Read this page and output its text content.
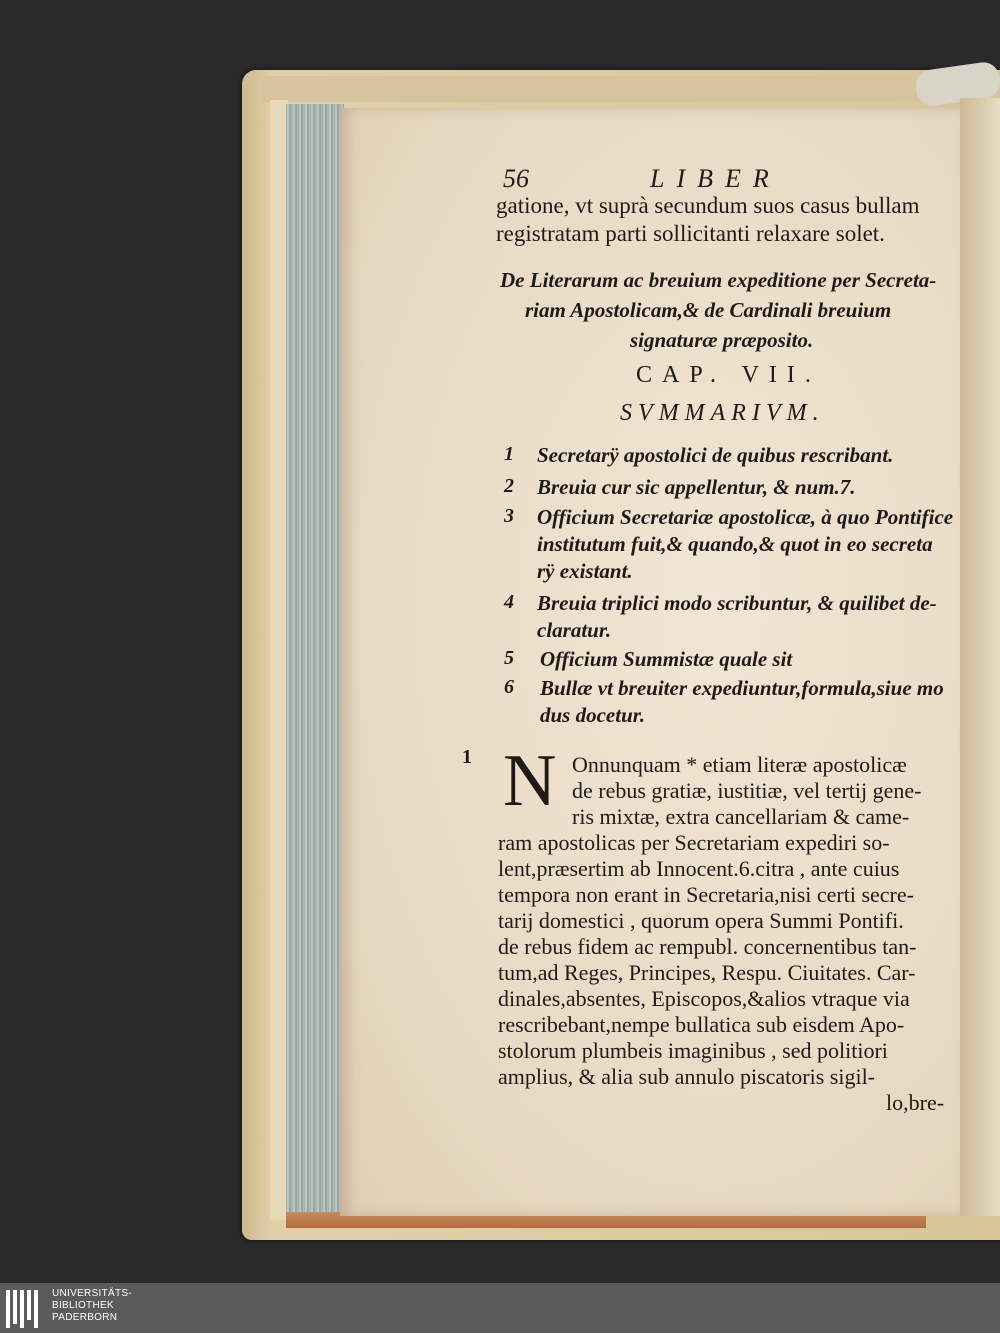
56	LIBER
gatione, vt suprà secundum suos casus bullam
registratam parti sollicitanti relaxare solet.
De Literarum ac breuium expeditione per Secreta-
riam Apostolicam,& de Cardinali breuium
signaturæ præposito.
CAP. VII.
SVMMARIVM.
1 Secretarÿ apostolici de quibus rescribant.
2 Breuia cur sic appellentur, & num.7.
3 Officium Secretariæ apostolicæ, à quo Pontifice
institutum fuit,& quando,& quot in eo secreta
rÿ existant.
4 Breuia triplici modo scribuntur, & quilibet de-
claratur.
5 Officium Summistæ quale sit
6 Bullæ vt breuiter expediuntur,formula,siue mo
dus docetur.
1 N Onnunquam * etiam literæ apostolicæ
de rebus gratiæ, iustitiæ, vel tertij gene-
ris mixtæ, extra cancellariam & came-
ram apostolicas per Secretariam expediri so-
lent,præsertim ab Innocent.6.citra , ante cuius
tempora non erant in Secretaria,nisi certi secre-
tarij domestici , quorum opera Summi Pontifi.
de rebus fidem ac rempubl. concernentibus tan-
tum,ad Reges, Principes, Respu. Ciuitates. Car-
dinales,absentes, Episcopos,&alios vtraque via
rescribebant,nempe bullatica sub eisdem Apo-
stolorum plumbeis imaginibus , sed politiori
amplius, & alia sub annulo piscatoris sigil-
lo,bre-
UNIVERSITÄTS-
BIBLIOTHEK
PADERBORN
